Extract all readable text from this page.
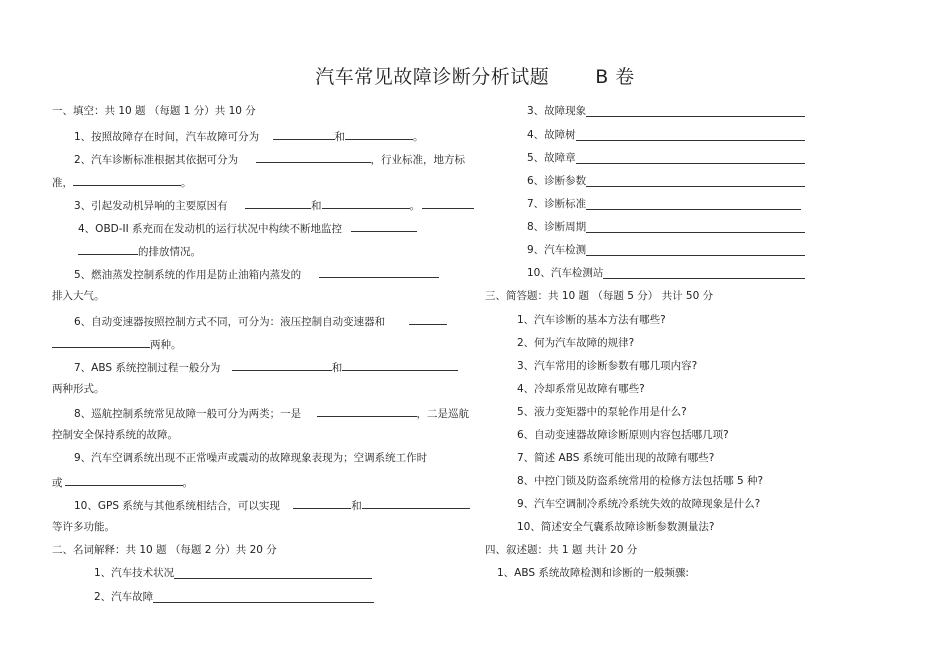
汽车常见故障诊断分析试题 B 卷
一、填空：共 10 题 （每题 1 分）共 10 分
1、按照故障存在时间，汽车故障可分为	和	。
2、汽车诊断标准根据其依据可分为	，行业标准，地方标
准，	。
3、引起发动机异响的主要原因有	和	。
4、OBD-II 系充而在发动机的运行状况中构续不断地监控
的排放情况。
5、燃油蒸发控制系统的作用是防止油箱内蒸发的
排入大气。
6、自动变速器按照控制方式不同，可分为：液压控制自动变速器和
两种。
7、ABS 系统控制过程一般分为	和
两种形式。
8、巡航控制系统常见故障一般可分为两类；一是	，二是巡航
控制安全保持系统的故障。
9、汽车空调系统出现不正常噪声或震动的故障现象表现为；空调系统工作时
或	。
10、GPS 系统与其他系统相结合，可以实现	和
等许多功能。
二、名词解释：共 10 题 （每题 2 分）共 20 分
1、汽车技术状况
2、汽车故障
3、故障现象
4、故障树
5、故障章
6、诊断参数
7、诊断标准
8、诊断周期
9、汽车检测
10、汽车检测站
三、简答题：共 10 题 （每题 5 分） 共计 50 分
1、汽车诊断的基本方法有哪些?
2、何为汽车故障的规律?
3、汽车常用的诊断参数有哪几项内容?
4、冷却系常见故障有哪些?
5、液力变矩器中的泵轮作用是什么?
6、自动变速器故障诊断原则内容包括哪几项?
7、简述 ABS 系统可能出现的故障有哪些?
8、中控门锁及防盗系统常用的检修方法包括哪 5 种?
9、汽车空调制冷系统冷系统失效的故障现象是什么?
10、简述安全气囊系故障诊断参数测量法?
四、叙述题：共 1 题 共计 20 分
1、ABS 系统故障检测和诊断的一般频骤:
